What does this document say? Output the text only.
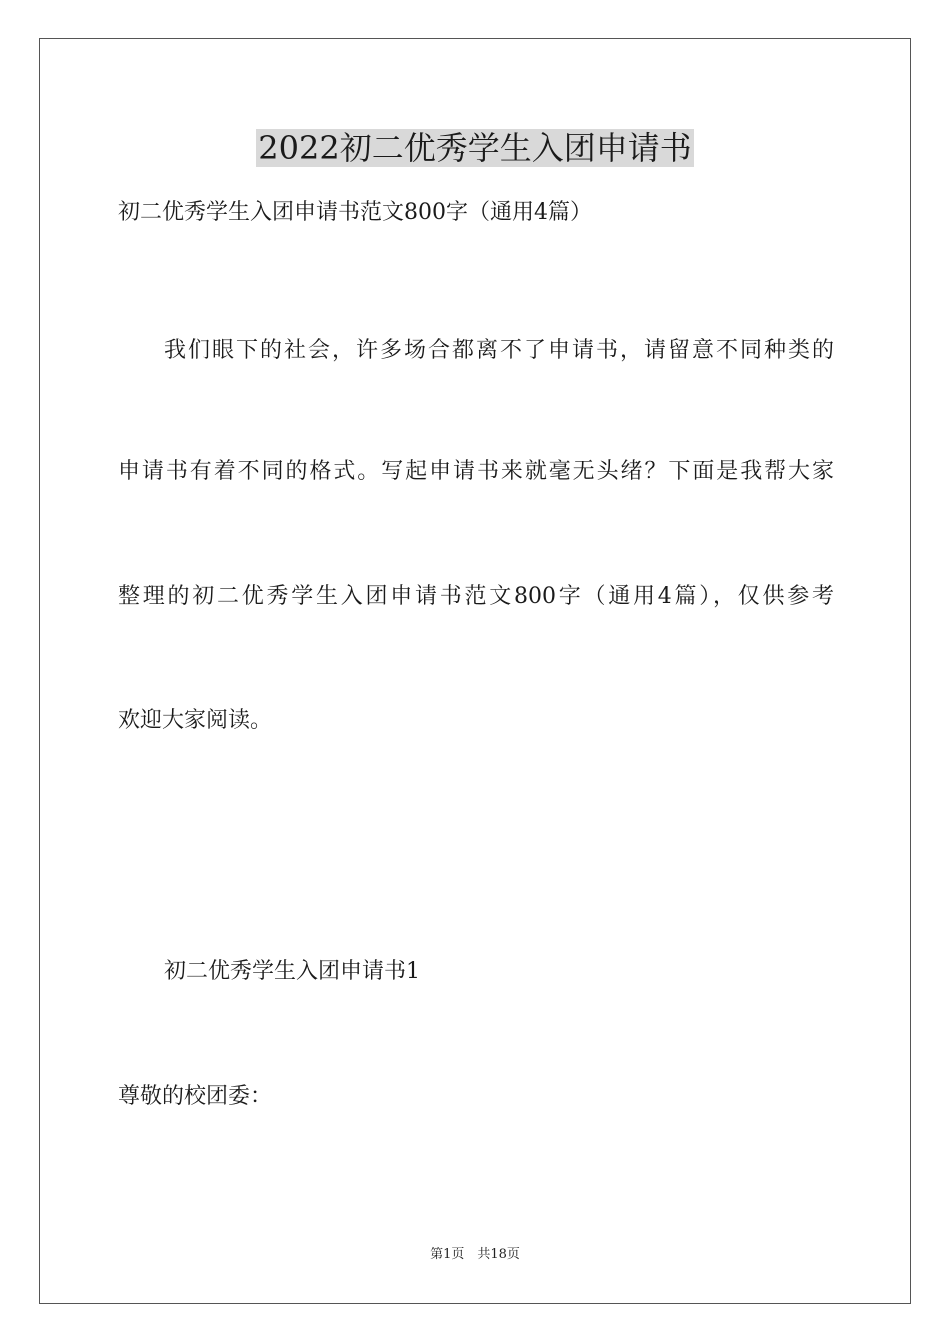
2022初二优秀学生入团申请书
初二优秀学生入团申请书范文800字（通用4篇）
我们眼下的社会，许多场合都离不了申请书，请留意不同种类的
申请书有着不同的格式。写起申请书来就毫无头绪？下面是我帮大家
整理的初二优秀学生入团申请书范文800字（通用4篇），仅供参考
欢迎大家阅读。
初二优秀学生入团申请书1
尊敬的校团委：
第1页　共18页
